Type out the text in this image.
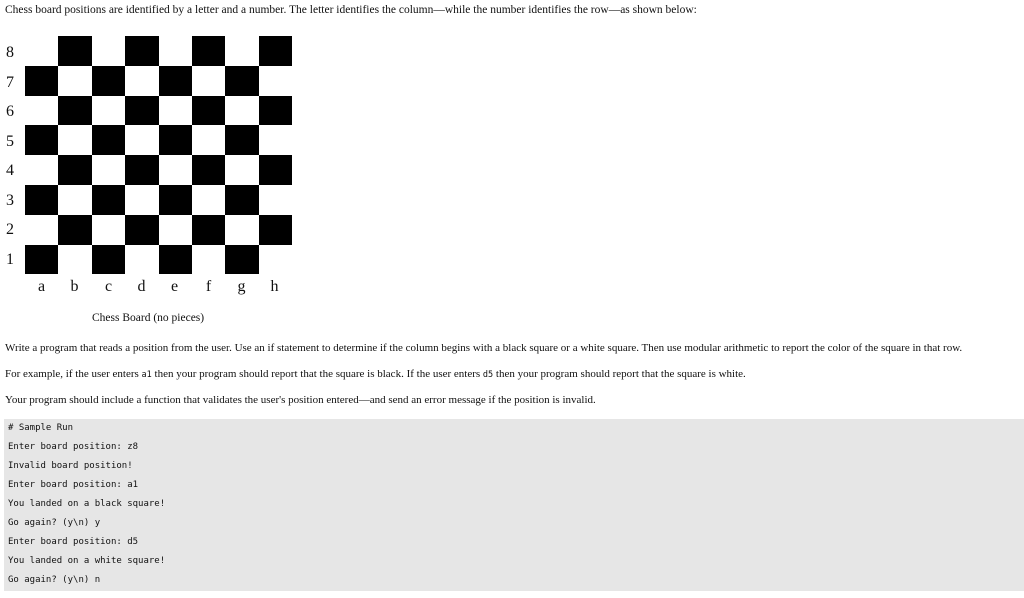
Chess board positions are identified by a letter and a number. The letter identifies the column—while the number identifies the row—as shown below:
8
7
6
5
4
3
2
1
a	b	c	d	e	f	g	h
Chess Board (no pieces)
Write a program that reads a position from the user. Use an if statement to determine if the column begins with a black square or a white square. Then use modular arithmetic to report the color of the square in that row.
For example, if the user enters a1 then your program should report that the square is black. If the user enters d5 then your program should report that the square is white.
Your program should include a function that validates the user's position entered—and send an error message if the position is invalid.
# Sample Run
Enter board position: z8
Invalid board position!
Enter board position: a1
You landed on a black square!
Go again? (y\n) y
Enter board position: d5
You landed on a white square!
Go again? (y\n) n
